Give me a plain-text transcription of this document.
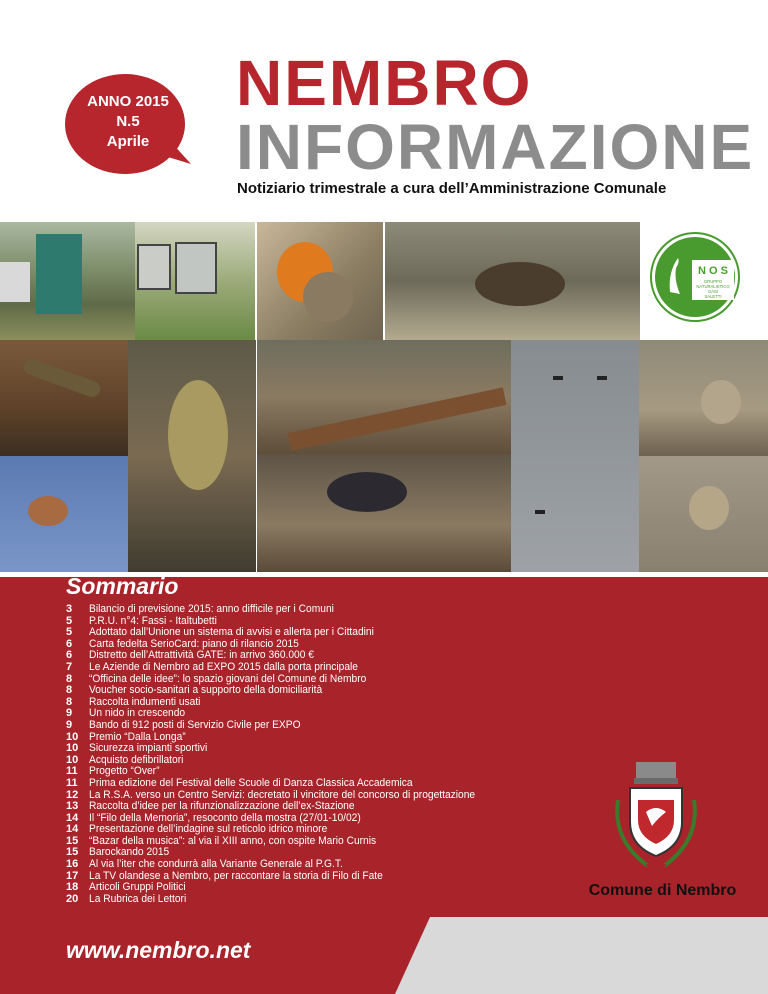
ANNO 2015
N.5
Aprile
NEMBRO
INFORMAZIONE
Notiziario trimestrale a cura dell’Amministrazione Comunale
N O S
GRUPPO
NATURALISTICO
OASI
SALETTI
Sommario
3	Bilancio di previsione 2015: anno difficile per i Comuni
5	P.R.U. n°4: Fassi - Italtubetti
5	Adottato dall’Unione un sistema di avvisi e allerta per i Cittadini
6	Carta fedelta SerioCard: piano di rilancio 2015
6	Distretto dell’Attrattività GATE: in arrivo 360.000 €
7	Le Aziende di Nembro ad EXPO 2015 dalla porta principale
8	“Officina delle idee”: lo spazio giovani del Comune di Nembro
8	Voucher socio-sanitari a supporto della domiciliarità
8	Raccolta indumenti usati
9	Un nido in crescendo
9	Bando di 912 posti di Servizio Civile per EXPO
10 Premio “Dalla Longa”
10 Sicurezza impianti sportivi
10 Acquisto defibrillatori
11	Progetto “Over”
11	Prima edizione del Festival delle Scuole di Danza Classica Accademica
12 La R.S.A. verso un Centro Servizi: decretato il vincitore del concorso di progettazione
13 Raccolta d’idee per la rifunzionalizzazione dell’ex-Stazione
14 Il “Filo della Memoria”, resoconto della mostra (27/01-10/02)
14 Presentazione dell’indagine sul reticolo idrico minore
15 “Bazar della musica”: al via il XIII anno, con ospite Mario Curnis
15 Barockando 2015
16 Al via l’iter che condurrà alla Variante Generale al P.G.T.
17 La TV olandese a Nembro, per raccontare la storia di Filo di Fate
18 Articoli Gruppi Politici
20 La Rubrica dei Lettori
www.nembro.net
Comune di Nembro
